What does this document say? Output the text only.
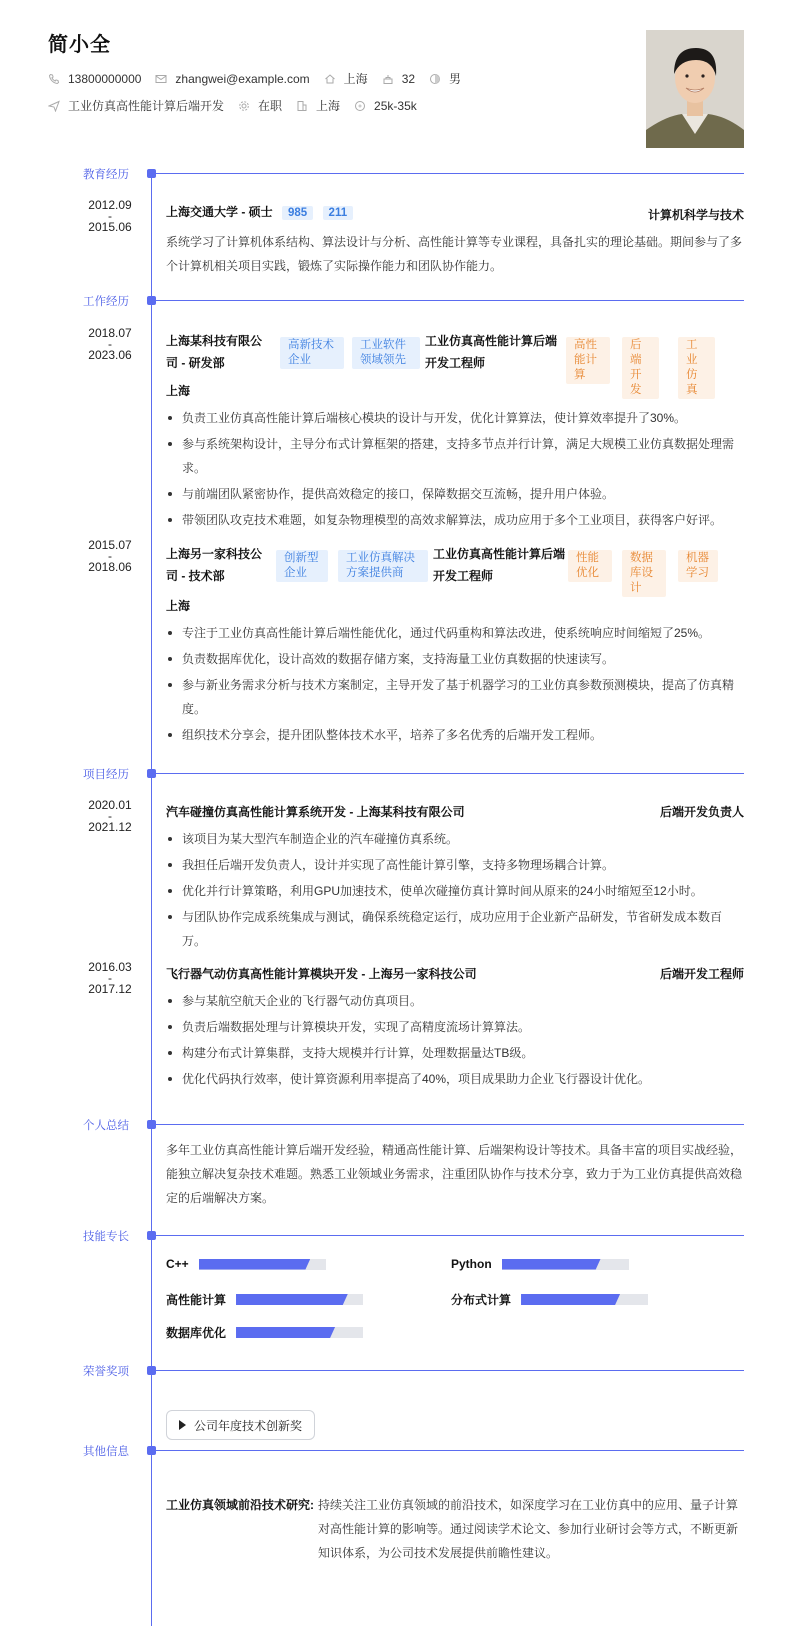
简小全
13800000000	zhangwei@example.com	上海	32	男
工业仿真高性能计算后端开发	在职	上海	25k-35k
教育经历
2012.09
-
2015.06
上海交通大学 - 硕士 985 211	计算机科学与技术
系统学习了计算机体系结构、算法设计与分析、高性能计算等专业课程，具备扎实的理论基础。期间参与了多个计算机相关项目实践，锻炼了实际操作能力和团队协作能力。
工作经历
2018.07
-
2023.06
上海某科技有限公司 - 研发部
高新技术企业
工业软件领域领先
工业仿真高性能计算后端开发工程师
高性能计算
后端开发
工业仿真
上海
负责工业仿真高性能计算后端核心模块的设计与开发，优化计算算法，使计算效率提升了30%。
参与系统架构设计，主导分布式计算框架的搭建，支持多节点并行计算，满足大规模工业仿真数据处理需求。
与前端团队紧密协作，提供高效稳定的接口，保障数据交互流畅，提升用户体验。
带领团队攻克技术难题，如复杂物理模型的高效求解算法，成功应用于多个工业项目，获得客户好评。
2015.07
-
2018.06
上海另一家科技公司 - 技术部
创新型企业
工业仿真解决方案提供商
工业仿真高性能计算后端开发工程师
性能优化
数据库设计
机器学习
上海
专注于工业仿真高性能计算后端性能优化，通过代码重构和算法改进，使系统响应时间缩短了25%。
负责数据库优化，设计高效的数据存储方案，支持海量工业仿真数据的快速读写。
参与新业务需求分析与技术方案制定，主导开发了基于机器学习的工业仿真参数预测模块，提高了仿真精度。
组织技术分享会，提升团队整体技术水平，培养了多名优秀的后端开发工程师。
项目经历
2020.01
-
2021.12
汽车碰撞仿真高性能计算系统开发 - 上海某科技有限公司	后端开发负责人
该项目为某大型汽车制造企业的汽车碰撞仿真系统。
我担任后端开发负责人，设计并实现了高性能计算引擎，支持多物理场耦合计算。
优化并行计算策略，利用GPU加速技术，使单次碰撞仿真计算时间从原来的24小时缩短至12小时。
与团队协作完成系统集成与测试，确保系统稳定运行，成功应用于企业新产品研发，节省研发成本数百万。
2016.03
-
2017.12
飞行器气动仿真高性能计算模块开发 - 上海另一家科技公司	后端开发工程师
参与某航空航天企业的飞行器气动仿真项目。
负责后端数据处理与计算模块开发，实现了高精度流场计算算法。
构建分布式计算集群，支持大规模并行计算，处理数据量达TB级。
优化代码执行效率，使计算资源利用率提高了40%，项目成果助力企业飞行器设计优化。
个人总结
多年工业仿真高性能计算后端开发经验，精通高性能计算、后端架构设计等技术。具备丰富的项目实战经验，能独立解决复杂技术难题。熟悉工业领域业务需求，注重团队协作与技术分享，致力于为工业仿真提供高效稳定的后端解决方案。
技能专长
C++	Python
高性能计算	分布式计算
数据库优化
荣誉奖项
公司年度技术创新奖
其他信息
工业仿真领域前沿技术研究: 持续关注工业仿真领域的前沿技术，如深度学习在工业仿真中的应用、量子计算对高性能计算的影响等。通过阅读学术论文、参加行业研讨会等方式，不断更新知识体系，为公司技术发展提供前瞻性建议。
